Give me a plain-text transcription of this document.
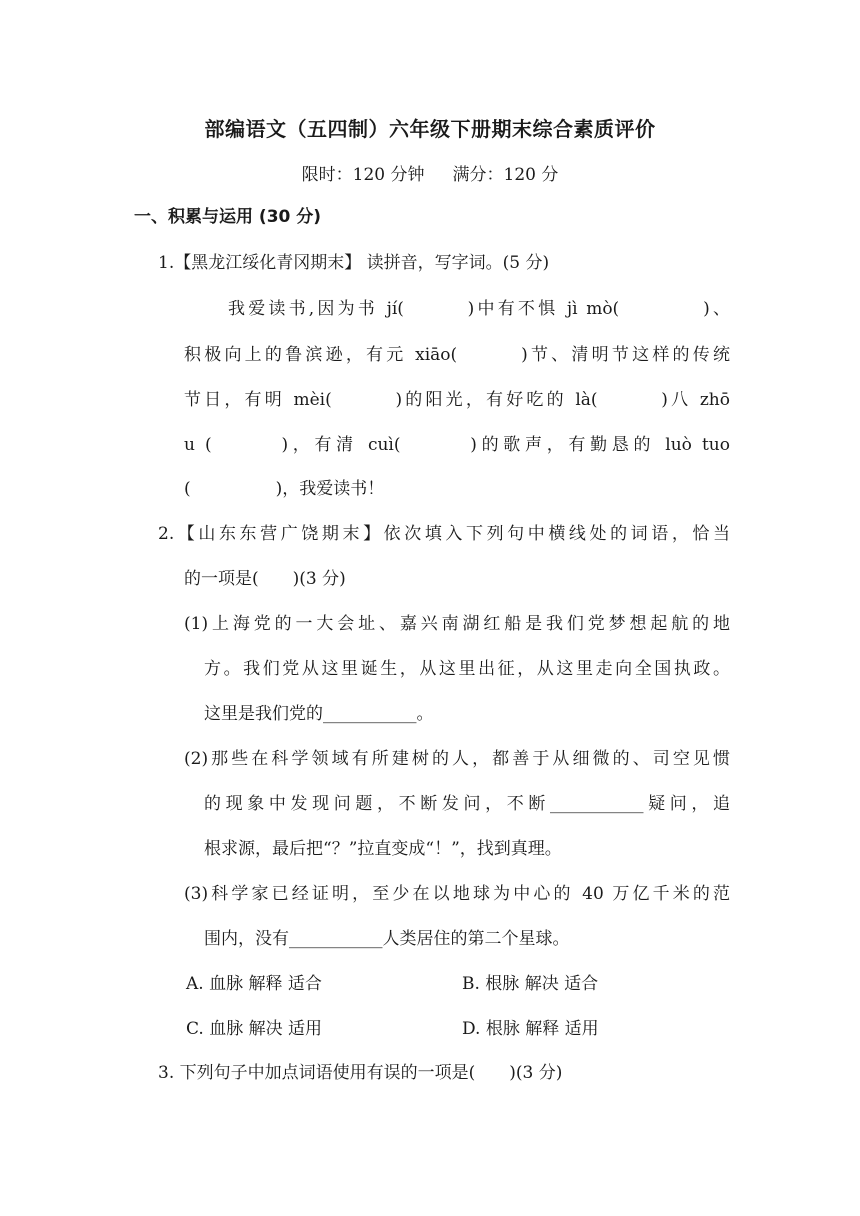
部编语文（五四制）六年级下册期末综合素质评价
限时：120 分钟 满分：120 分
一、积累与运用 (30 分)
1.【黑龙江绥化青冈期末】 读拼音，写字词。(5 分)
我爱读书,因为书 jí(　　　)中有不惧 jì mò(　　　　)、
积极向上的鲁滨逊，有元 xiāo(　　　)节、清明节这样的传统
节日，有明 mèi(　　　)的阳光，有好吃的 là(　　　)八 zhō
u (　　　)，有清 cuì(　　　)的歌声，有勤恳的 luò tuo
(　　　　　)，我爱读书！
2.【山东东营广饶期末】依次填入下列句中横线处的词语，恰当
的一项是(　　)(3 分)
(1)上海党的一大会址、嘉兴南湖红船是我们党梦想起航的地
方。我们党从这里诞生，从这里出征，从这里走向全国执政。
这里是我们党的___________。
(2)那些在科学领域有所建树的人，都善于从细微的、司空见惯
的现象中发现问题，不断发问，不断___________疑问，追
根求源，最后把“？”拉直变成“！”，找到真理。
(3)科学家已经证明，至少在以地球为中心的 40 万亿千米的范
围内，没有___________人类居住的第二个星球。
A. 血脉 解释 适合	B. 根脉 解决 适合
C. 血脉 解决 适用	D. 根脉 解释 适用
3. 下列句子中加点词语使用有误的一项是(　　)(3 分)
